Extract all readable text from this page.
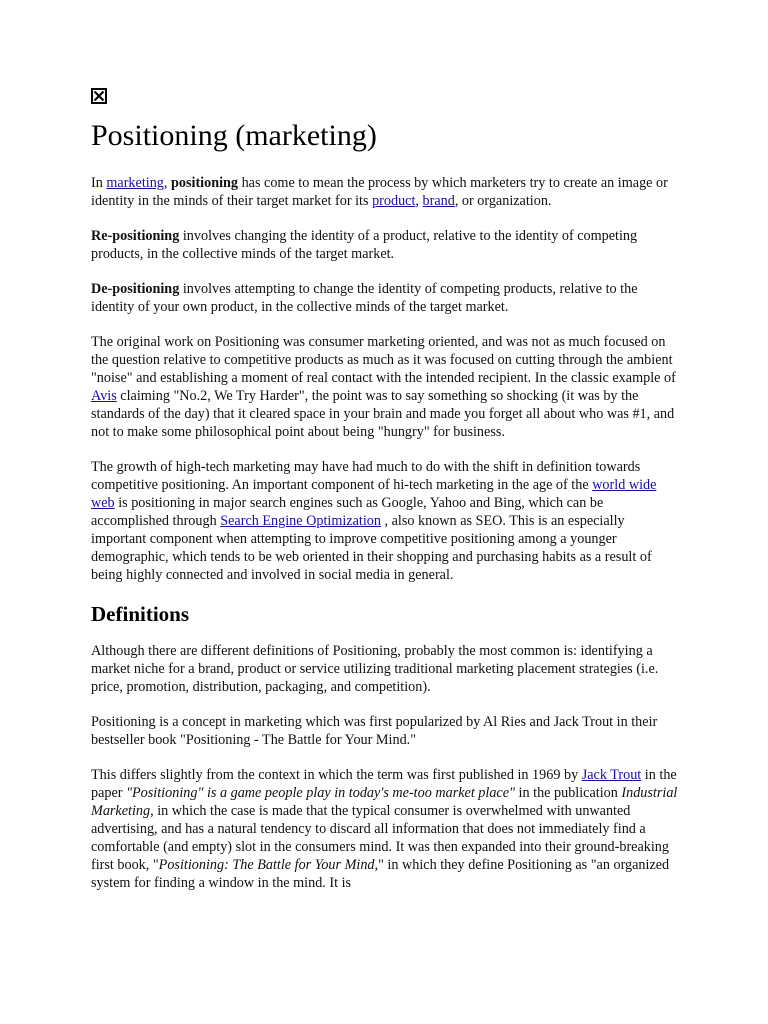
Positioning (marketing)

In marketing, positioning has come to mean the process by which marketers try to create an image or identity in the minds of their target market for its product, brand, or organization.

Re-positioning involves changing the identity of a product, relative to the identity of competing products, in the collective minds of the target market.

De-positioning involves attempting to change the identity of competing products, relative to the identity of your own product, in the collective minds of the target market.

The original work on Positioning was consumer marketing oriented, and was not as much focused on the question relative to competitive products as much as it was focused on cutting through the ambient "noise" and establishing a moment of real contact with the intended recipient. In the classic example of Avis claiming "No.2, We Try Harder", the point was to say something so shocking (it was by the standards of the day) that it cleared space in your brain and made you forget all about who was #1, and not to make some philosophical point about being "hungry" for business.

The growth of high-tech marketing may have had much to do with the shift in definition towards competitive positioning. An important component of hi-tech marketing in the age of the world wide web is positioning in major search engines such as Google, Yahoo and Bing, which can be accomplished through Search Engine Optimization , also known as SEO. This is an especially important component when attempting to improve competitive positioning among a younger demographic, which tends to be web oriented in their shopping and purchasing habits as a result of being highly connected and involved in social media in general.

Definitions

Although there are different definitions of Positioning, probably the most common is: identifying a market niche for a brand, product or service utilizing traditional marketing placement strategies (i.e. price, promotion, distribution, packaging, and competition).

Positioning is a concept in marketing which was first popularized by Al Ries and Jack Trout in their bestseller book "Positioning - The Battle for Your Mind."

This differs slightly from the context in which the term was first published in 1969 by Jack Trout in the paper "Positioning" is a game people play in today's me-too market place" in the publication Industrial Marketing, in which the case is made that the typical consumer is overwhelmed with unwanted advertising, and has a natural tendency to discard all information that does not immediately find a comfortable (and empty) slot in the consumers mind. It was then expanded into their ground-breaking first book, "Positioning: The Battle for Your Mind," in which they define Positioning as "an organized system for finding a window in the mind. It is
